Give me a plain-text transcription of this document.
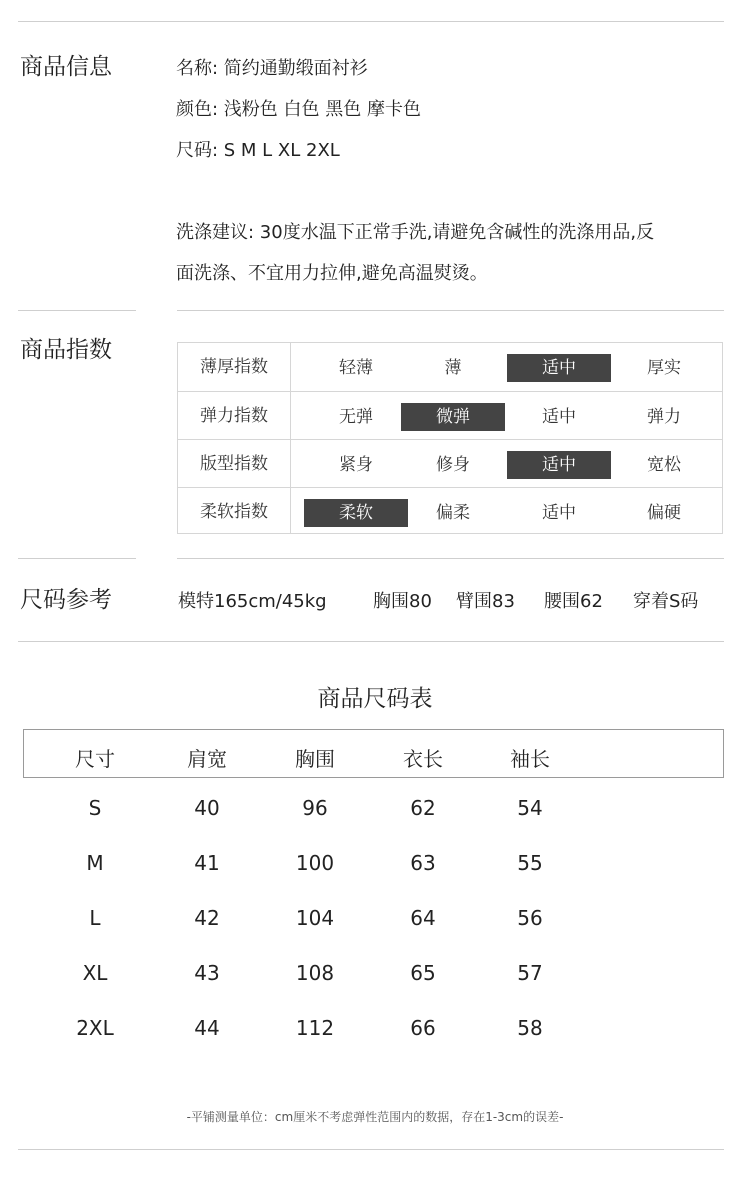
商品信息	名称: 简约通勤缎面衬衫
颜色: 浅粉色 白色 黑色 摩卡色
尺码: S M L XL 2XL
洗涤建议: 30度水温下正常手洗,请避免含碱性的洗涤用品,反
面洗涤、不宜用力拉伸,避免高温熨烫。
商品指数
薄厚指数	轻薄	薄	适中	厚实
弹力指数	无弹	微弹	适中	弹力
版型指数	紧身	修身	适中	宽松
柔软指数	柔软	偏柔	适中	偏硬
尺码参考	模特165cm/45kg	胸围80 臂围83 腰围62 穿着S码
商品尺码表
尺寸	肩宽	胸围	衣长	袖长
S	40	96	62	54
M	41	100	63	55
L	42	104	64	56
XL	43	108	65	57
2XL	44	112	66	58
-平铺测量单位：cm厘米不考虑弹性范围内的数据，存在1-3cm的误差-
